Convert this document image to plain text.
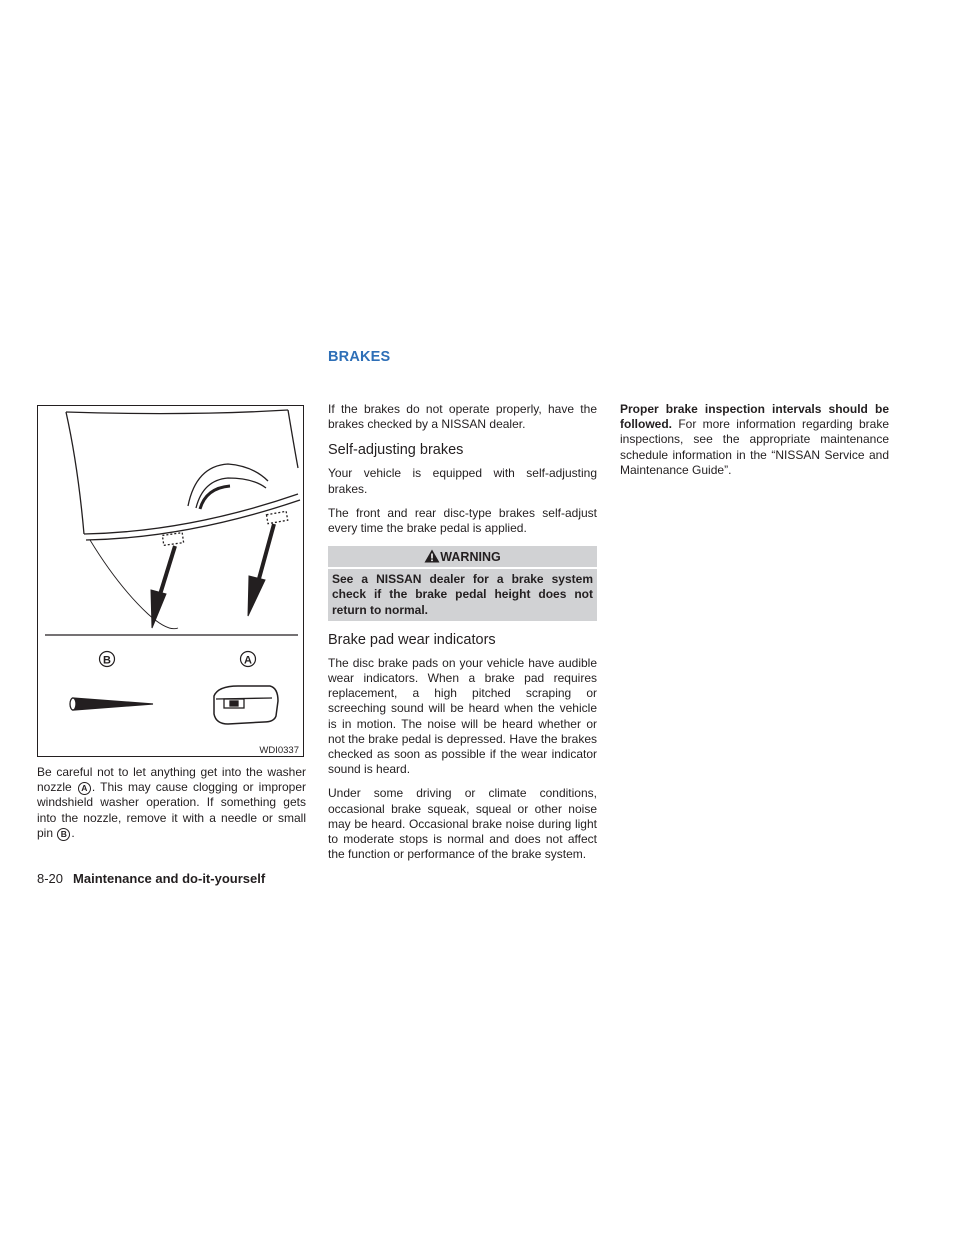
BRAKES
B	A
WDI0337

Be careful not to let anything get into the washer nozzle A . This may cause clogging or improper windshield washer operation. If something gets into the nozzle, remove it with a needle or small pin B .

If the brakes do not operate properly, have the brakes checked by a NISSAN dealer.

Self-adjusting brakes

Your vehicle is equipped with self-adjusting brakes.

The front and rear disc-type brakes self-adjust every time the brake pedal is applied.

WARNING
See a NISSAN dealer for a brake system check if the brake pedal height does not return to normal.
Brake pad wear indicators

The disc brake pads on your vehicle have audible wear indicators. When a brake pad requires replacement, a high pitched scraping or screeching sound will be heard when the vehicle is in motion. The noise will be heard whether or not the brake pedal is depressed. Have the brakes checked as soon as possible if the wear indicator sound is heard.

Under some driving or climate conditions, occasional brake squeak, squeal or other noise may be heard. Occasional brake noise during light to moderate stops is normal and does not affect the function or performance of the brake system.

Proper brake inspection intervals should be followed. For more information regarding brake inspections, see the appropriate maintenance schedule information in the “NISSAN Service and Maintenance Guide”.

8-20 Maintenance and do-it-yourself
